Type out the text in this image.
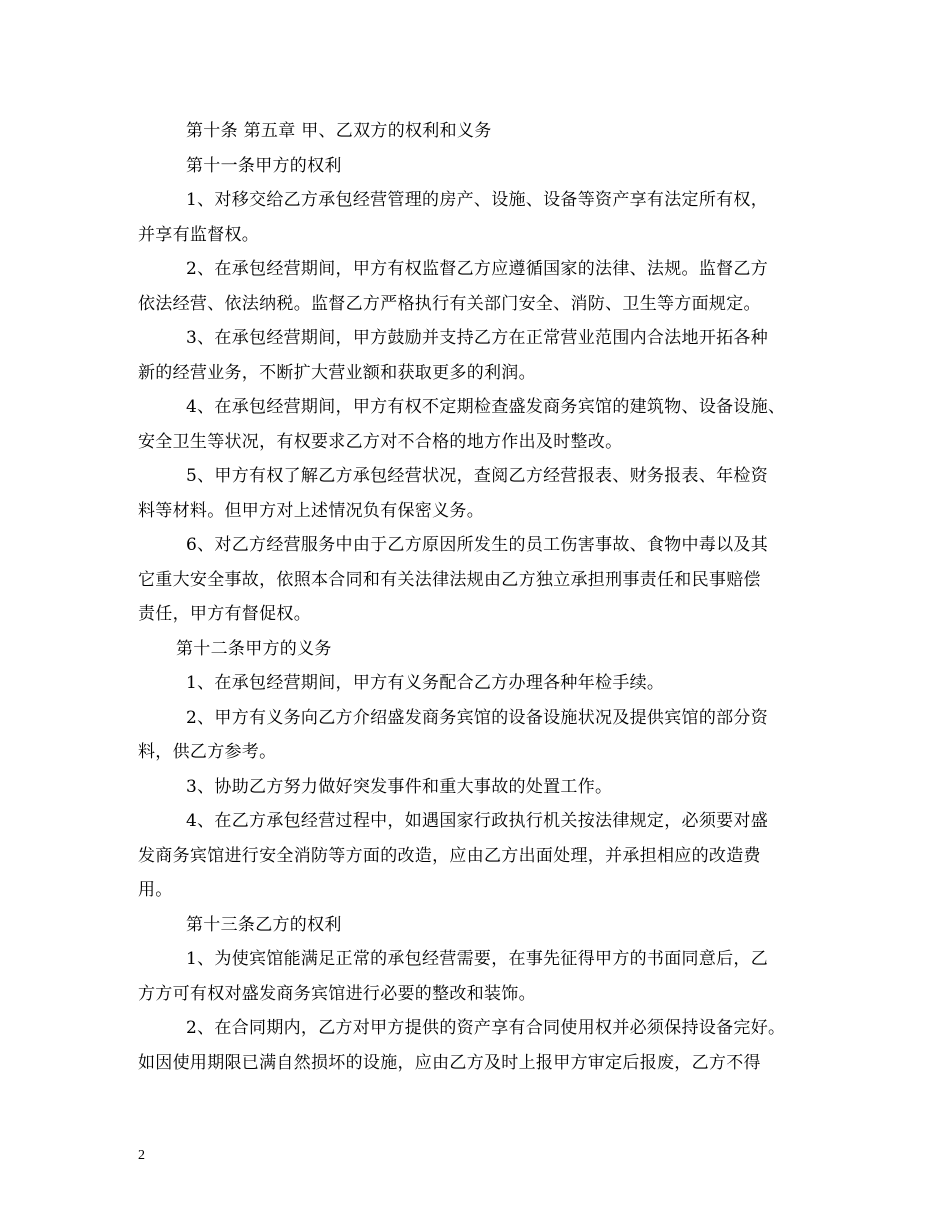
第十条 第五章 甲、乙双方的权利和义务
第十一条甲方的权利
1、对移交给乙方承包经营管理的房产、设施、设备等资产享有法定所有权，
并享有监督权。
2、在承包经营期间，甲方有权监督乙方应遵循国家的法律、法规。监督乙方
依法经营、依法纳税。监督乙方严格执行有关部门安全、消防、卫生等方面规定。
3、在承包经营期间，甲方鼓励并支持乙方在正常营业范围内合法地开拓各种
新的经营业务，不断扩大营业额和获取更多的利润。
4、在承包经营期间，甲方有权不定期检查盛发商务宾馆的建筑物、设备设施、
安全卫生等状况，有权要求乙方对不合格的地方作出及时整改。
5、甲方有权了解乙方承包经营状况，查阅乙方经营报表、财务报表、年检资
料等材料。但甲方对上述情况负有保密义务。
6、对乙方经营服务中由于乙方原因所发生的员工伤害事故、食物中毒以及其
它重大安全事故，依照本合同和有关法律法规由乙方独立承担刑事责任和民事赔偿
责任，甲方有督促权。
第十二条甲方的义务
1、在承包经营期间，甲方有义务配合乙方办理各种年检手续。
2、甲方有义务向乙方介绍盛发商务宾馆的设备设施状况及提供宾馆的部分资
料，供乙方参考。
3、协助乙方努力做好突发事件和重大事故的处置工作。
4、在乙方承包经营过程中，如遇国家行政执行机关按法律规定，必须要对盛
发商务宾馆进行安全消防等方面的改造，应由乙方出面处理，并承担相应的改造费
用。
第十三条乙方的权利
1、为使宾馆能满足正常的承包经营需要，在事先征得甲方的书面同意后，乙
方方可有权对盛发商务宾馆进行必要的整改和装饰。
2、在合同期内，乙方对甲方提供的资产享有合同使用权并必须保持设备完好。
如因使用期限已满自然损坏的设施，应由乙方及时上报甲方审定后报废，乙方不得
2
